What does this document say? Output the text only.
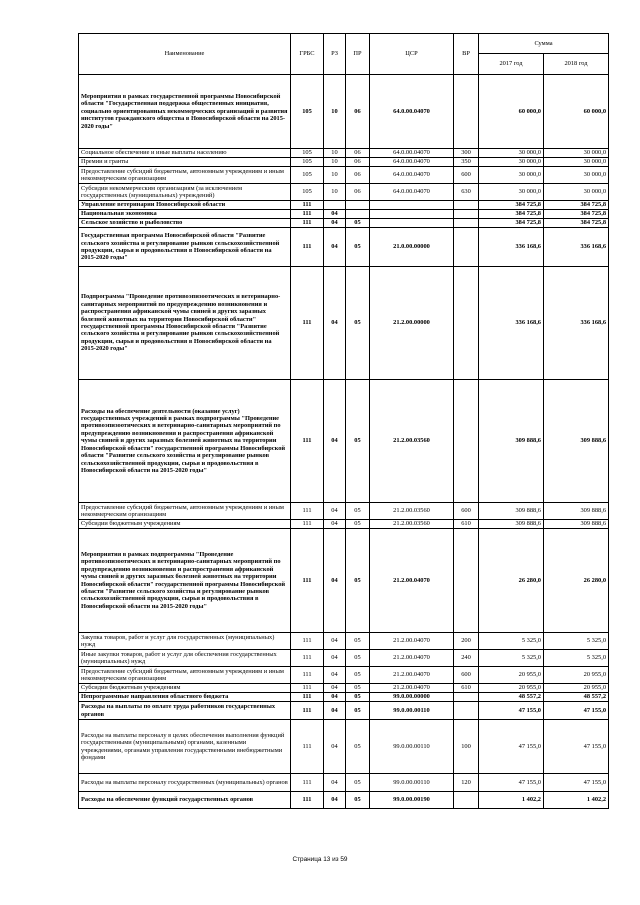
Наименование	ГРБС	РЗ	ПР	ЦСР	ВР	Сумма	
						2017 год	2018 год
Мероприятия в рамках государственной программы Новосибирской области "Государственная поддержка общественных инициатив, социально ориентированных некоммерческих организаций и развития институтов гражданского общества в Новосибирской области на 2015-2020 годы"	105	10	06	64.0.00.04070		60 000,0	60 000,0
Социальное обеспечение и иные выплаты населению	105	10	06	64.0.00.04070	300	30 000,0	30 000,0
Премии и гранты	105	10	06	64.0.00.04070	350	30 000,0	30 000,0
Предоставление субсидий бюджетным, автономным учреждениям и иным некоммерческим организациям	105	10	06	64.0.00.04070	600	30 000,0	30 000,0
Субсидии некоммерческим организациям (за исключением государственных (муниципальных) учреждений)	105	10	06	64.0.00.04070	630	30 000,0	30 000,0
Управление ветеринарии Новосибирской области	111					384 725,8	384 725,8
Национальная экономика	111	04				384 725,8	384 725,8
Сельское хозяйство и рыболовство	111	04	05			384 725,8	384 725,8
Государственная программа Новосибирской области "Развитие сельского хозяйства и регулирование рынков сельскохозяйственной продукции, сырья и продовольствия в Новосибирской области на 2015-2020 годы"	111	04	05	21.0.00.00000		336 168,6	336 168,6
Подпрограмма "Проведение противоэпизоотических и ветеринарно-санитарных мероприятий по предупреждению возникновения и распространения африканской чумы свиней и других заразных болезней животных на территории Новосибирской области" государственной программы Новосибирской области "Развитие сельского хозяйства и регулирование рынков сельскохозяйственной продукции, сырья и продовольствия в Новосибирской области на 2015-2020 годы"	111	04	05	21.2.00.00000		336 168,6	336 168,6
Расходы на обеспечение деятельности (оказание услуг) государственных учреждений в рамках подпрограммы "Проведение противоэпизоотических и ветеринарно-санитарных мероприятий по предупреждению возникновения и распространения африканской чумы свиней и других заразных болезней животных на территории Новосибирской области" государственной программы Новосибирской области "Развитие сельского хозяйства и регулирование рынков сельскохозяйственной продукции, сырья и продовольствия в Новосибирской области на 2015-2020 годы"	111	04	05	21.2.00.03560		309 888,6	309 888,6
Предоставление субсидий бюджетным, автономным учреждениям и иным некоммерческим организациям	111	04	05	21.2.00.03560	600	309 888,6	309 888,6
Субсидии бюджетным учреждениям	111	04	05	21.2.00.03560	610	309 888,6	309 888,6
Мероприятия в рамках подпрограммы "Проведение противоэпизоотических и ветеринарно-санитарных мероприятий по предупреждению возникновения и распространения африканской чумы свиней и других заразных болезней животных на территории Новосибирской области" государственной программы Новосибирской области "Развитие сельского хозяйства и регулирование рынков сельскохозяйственной продукции, сырья и продовольствия в Новосибирской области на 2015-2020 годы"	111	04	05	21.2.00.04070		26 280,0	26 280,0
Закупка товаров, работ и услуг для государственных (муниципальных) нужд	111	04	05	21.2.00.04070	200	5 325,0	5 325,0
Иные закупки товаров, работ и услуг для обеспечения государственных (муниципальных) нужд	111	04	05	21.2.00.04070	240	5 325,0	5 325,0
Предоставление субсидий бюджетным, автономным учреждениям и иным некоммерческим организациям	111	04	05	21.2.00.04070	600	20 955,0	20 955,0
Субсидии бюджетным учреждениям	111	04	05	21.2.00.04070	610	20 955,0	20 955,0
Непрограммные направления областного бюджета	111	04	05	99.0.00.00000		48 557,2	48 557,2
Расходы на выплаты по оплате труда работников государственных органов	111	04	05	99.0.00.00110		47 155,0	47 155,0
Расходы на выплаты персоналу в целях обеспечения выполнения функций государственными (муниципальными) органами, казенными учреждениями, органами управления государственными внебюджетными фондами	111	04	05	99.0.00.00110	100	47 155,0	47 155,0
Расходы на выплаты персоналу государственных (муниципальных) органов	111	04	05	99.0.00.00110	120	47 155,0	47 155,0
Расходы на обеспечение функций государственных органов	111	04	05	99.0.00.00190		1 402,2	1 402,2
Страница 13 из 59
